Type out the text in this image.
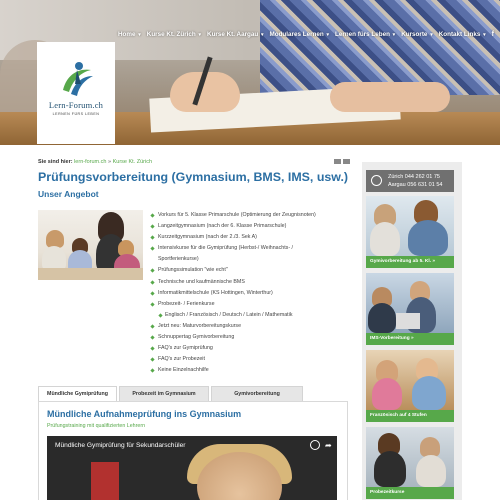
Home ▾ Kurse Kt. Zürich ▾ Kurse Kt. Aargau ▾ Modulares Lernen ▾ Lernen fürs Leben ▾ Kursorte ▾ Kontakt Links ▾ f
Lern-Forum.ch
LERNEN FÜRS LEBEN
Sie sind hier: lern-forum.ch » Kurse Kt. Zürich
Prüfungsvorbereitung (Gymnasium, BMS, IMS, usw.)
Unser Angebot
Vorkurs für 5. Klasse Primarschule (Optimierung der Zeugnisnoten)
Langzeitgymnasium (nach der 6. Klasse Primarschule)
Kurzzeitgymnasium (nach der 2./3. Sek A)
Intensivkurse für die Gymiprüfung (Herbst-/ Weihnachts- /
Sportferienkurse)
Prüfungssimulation "wie echt"
Technische und kaufmännische BMS
Informatikmittelschule (KS Hottingen, Winterthur)
Probezeit- / Ferienkurse
Englisch / Französisch / Deutsch / Latein / Mathematik
Jetzt neu: Maturvorbereitungskurse
Schnuppertag Gymivorbereitung
FAQ's zur Gymiprüfung
FAQ's zur Probezeit
Keine Einzelnachhilfe
Mündliche Gymiprüfung	Probezeit im Gymnasium	Gymivorbereitung
Mündliche Aufnahmeprüfung ins Gymnasium
Prüfungstraining mit qualifizierten Lehrern
Mündliche Gymiprüfung für Sekundarschüler	➦
Zürich 044 262 01 75
Aargau 056 631 01 54
Gymivorbereitung ab 5. Kl. »
IMS-Vorbereitung »
Französisch auf 4 Stufen
Probezeitkurse
